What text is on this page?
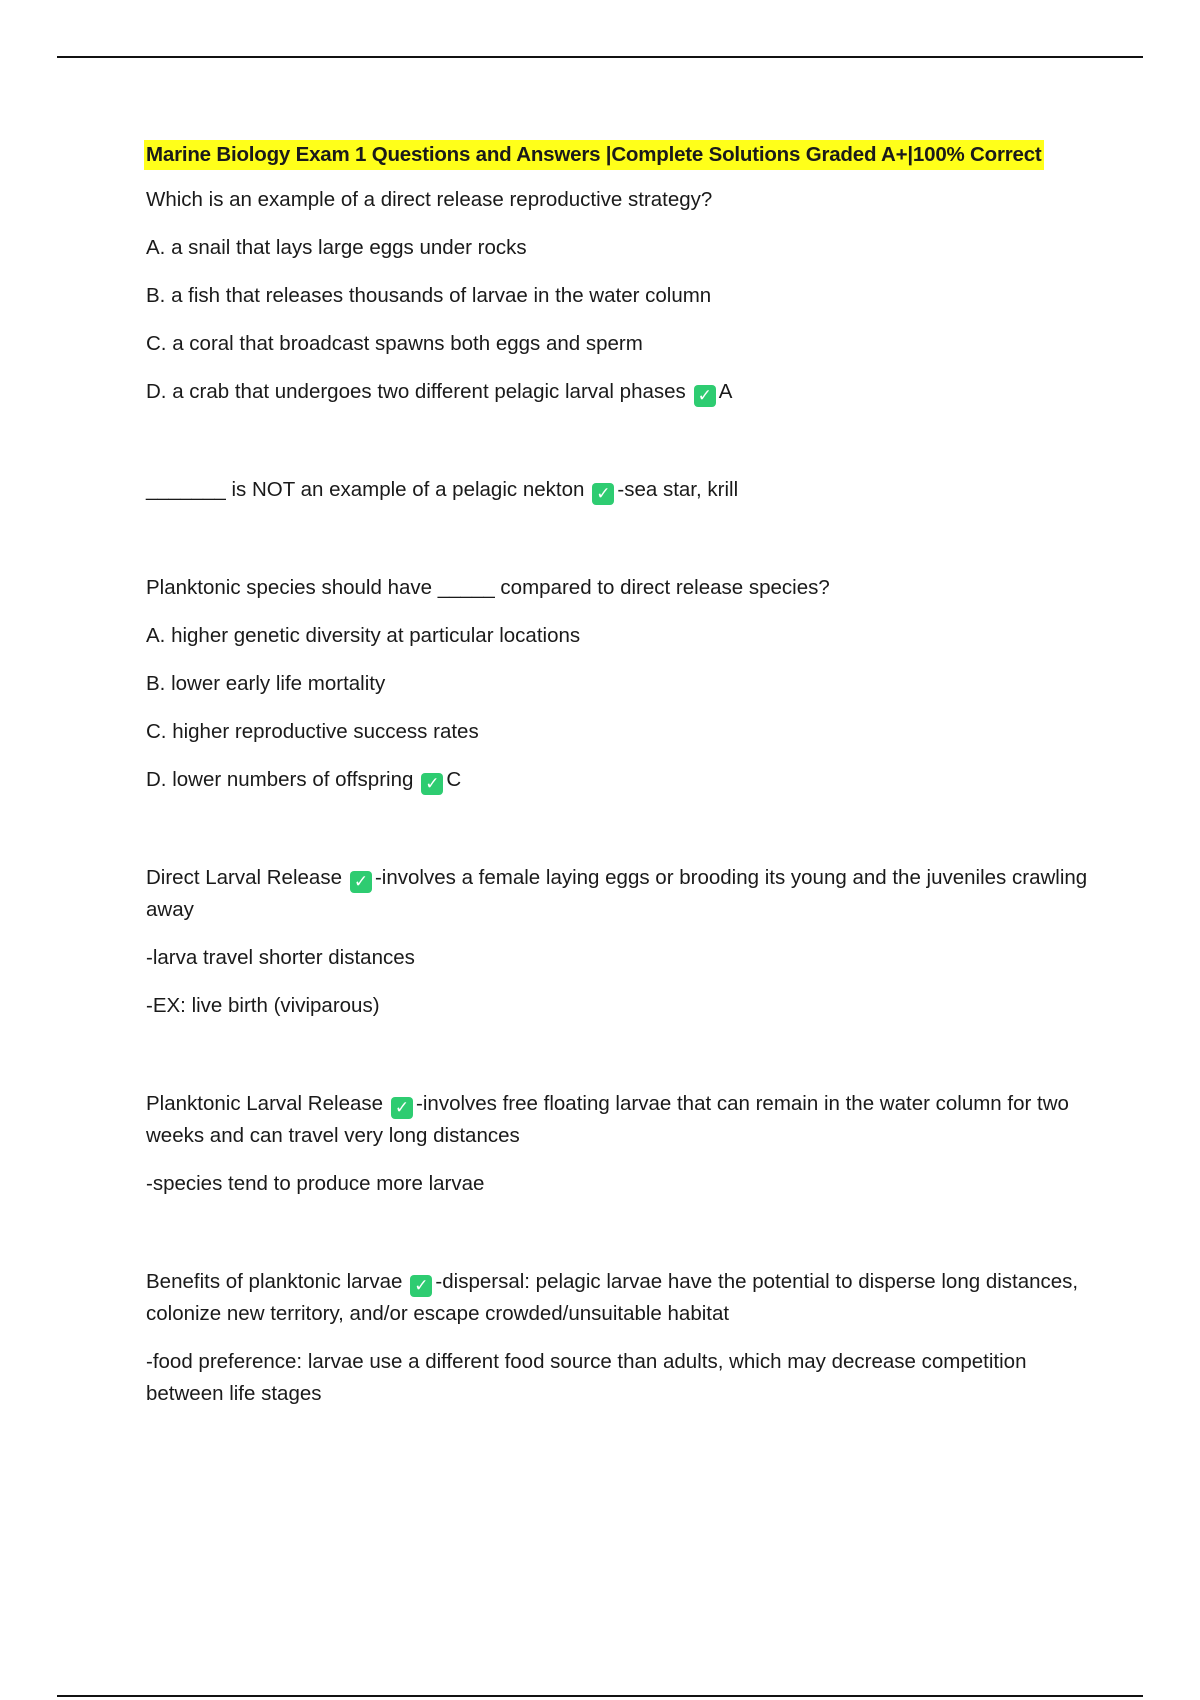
Marine Biology Exam 1 Questions and Answers |Complete Solutions Graded A+|100% Correct

Which is an example of a direct release reproductive strategy?

A. a snail that lays large eggs under rocks

B. a fish that releases thousands of larvae in the water column

C. a coral that broadcast spawns both eggs and sperm

D. a crab that undergoes two different pelagic larval phases ✓ A

_______ is NOT an example of a pelagic nekton ✓ -sea star, krill

Planktonic species should have _____ compared to direct release species?

A. higher genetic diversity at particular locations

B. lower early life mortality

C. higher reproductive success rates

D. lower numbers of offspring ✓ C

Direct Larval Release ✓ -involves a female laying eggs or brooding its young and the juveniles crawling away

-larva travel shorter distances

-EX: live birth (viviparous)

Planktonic Larval Release ✓ -involves free floating larvae that can remain in the water column for two weeks and can travel very long distances

-species tend to produce more larvae

Benefits of planktonic larvae ✓ -dispersal: pelagic larvae have the potential to disperse long distances, colonize new territory, and/or escape crowded/unsuitable habitat

-food preference: larvae use a different food source than adults, which may decrease competition between life stages
